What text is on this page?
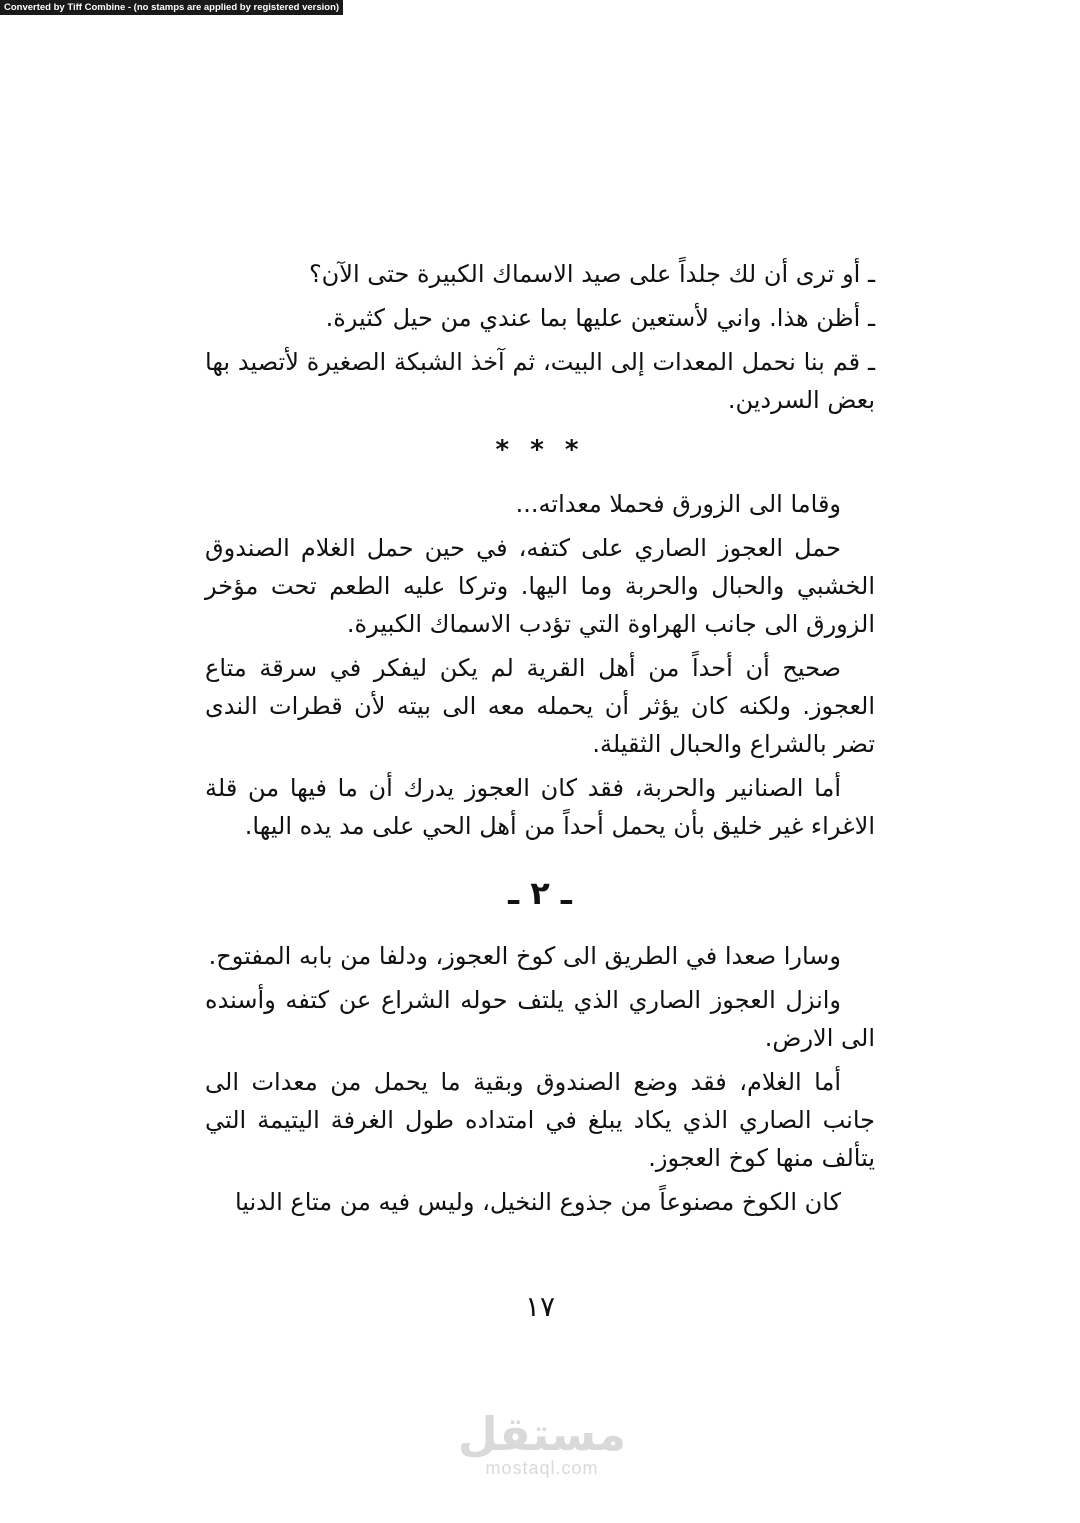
Converted by Tiff Combine - (no stamps are applied by registered version)

ـ أو ترى أن لك جلداً على صيد الاسماك الكبيرة حتى الآن؟

ـ أظن هذا. واني لأستعين عليها بما عندي من حيل كثيرة.

ـ قم بنا نحمل المعدات إلى البيت، ثم آخذ الشبكة الصغيرة لأتصيد بها بعض السردين.

* * *

وقاما الى الزورق فحملا معداته...

حمل العجوز الصاري على كتفه، في حين حمل الغلام الصندوق الخشبي والحبال والحربة وما اليها. وتركا عليه الطعم تحت مؤخر الزورق الى جانب الهراوة التي تؤدب الاسماك الكبيرة.

صحيح أن أحداً من أهل القرية لم يكن ليفكر في سرقة متاع العجوز. ولكنه كان يؤثر أن يحمله معه الى بيته لأن قطرات الندى تضر بالشراع والحبال الثقيلة.

أما الصنانير والحربة، فقد كان العجوز يدرك أن ما فيها من قلة الاغراء غير خليق بأن يحمل أحداً من أهل الحي على مد يده اليها.

ـ ٢ ـ

وسارا صعدا في الطريق الى كوخ العجوز، ودلفا من بابه المفتوح.

وانزل العجوز الصاري الذي يلتف حوله الشراع عن كتفه وأسنده الى الارض.

أما الغلام، فقد وضع الصندوق وبقية ما يحمل من معدات الى جانب الصاري الذي يكاد يبلغ في امتداده طول الغرفة اليتيمة التي يتألف منها كوخ العجوز.

كان الكوخ مصنوعاً من جذوع النخيل، وليس فيه من متاع الدنيا

١٧
مستقل
mostaql.com
